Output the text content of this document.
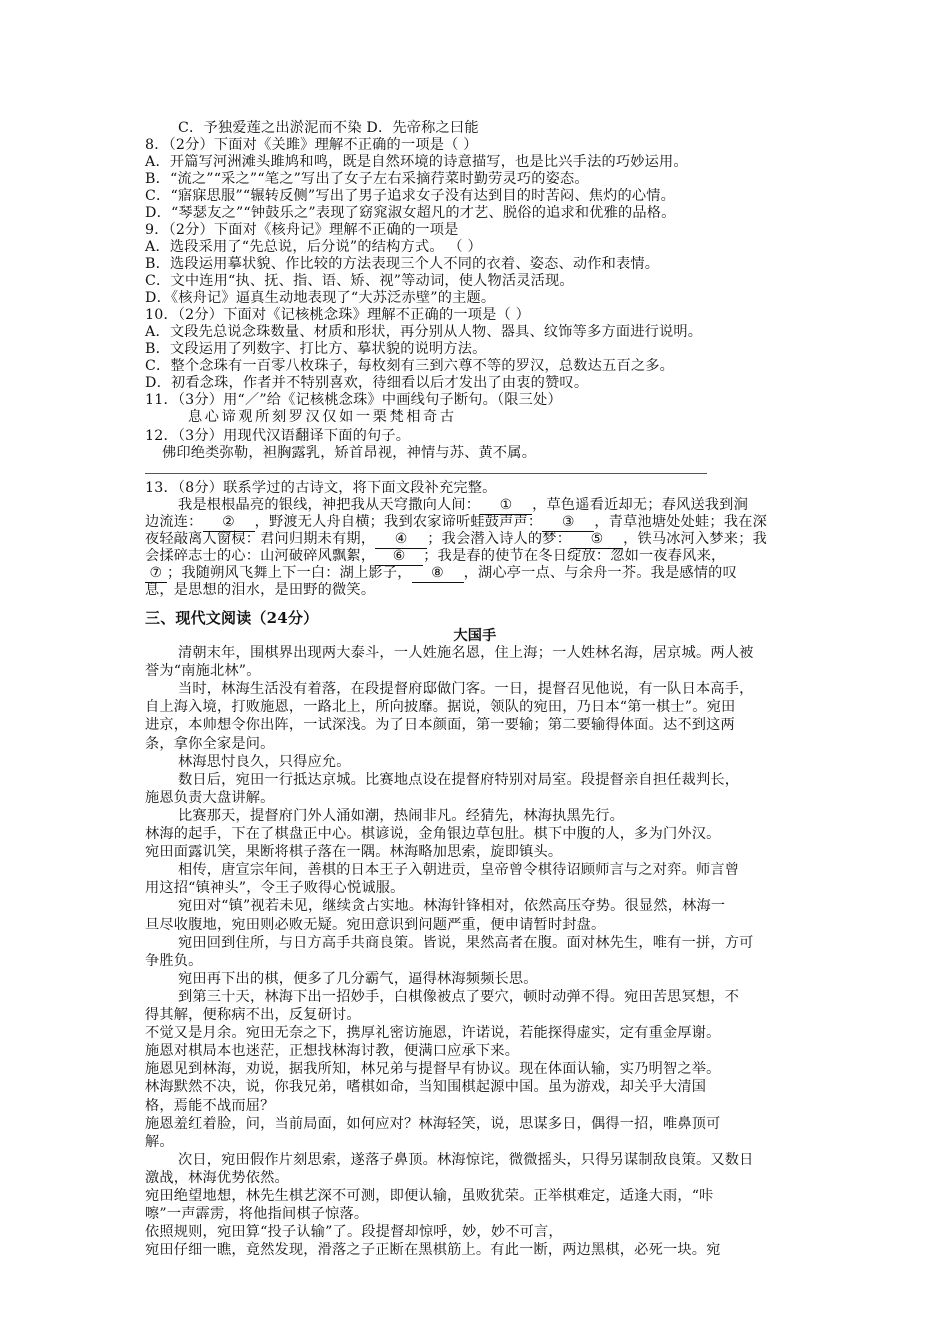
C．予独爱莲之出淤泥而不染 D．先帝称之曰能
8．（2分）下面对《关雎》理解不正确的一项是（ ）
A．开篇写河洲滩头雎鸠和鸣，既是自然环境的诗意描写，也是比兴手法的巧妙运用。
B．“流之”“采之”“笔之”写出了女子左右采摘荇菜时勤劳灵巧的姿态。
C．“寤寐思服”“辗转反侧”写出了男子追求女子没有达到目的时苦闷、焦灼的心情。
D．“琴瑟友之”“钟鼓乐之”表现了窈窕淑女超凡的才艺、脱俗的追求和优雅的品格。
9．（2分）下面对《核舟记》理解不正确的一项是
A．选段采用了“先总说，后分说”的结构方式。 （ ）
B．选段运用摹状貌、作比较的方法表现三个人不同的衣着、姿态、动作和表情。
C．文中连用“执、抚、指、语、矫、视”等动词，使人物活灵活现。
D．《核舟记》逼真生动地表现了“大苏泛赤壁”的主题。
10．（2分）下面对《记核桃念珠》理解不正确的一项是（ ）
A．文段先总说念珠数量、材质和形状，再分别从人物、器具、纹饰等多方面进行说明。
B．文段运用了列数字、打比方、摹状貌的说明方法。
C．整个念珠有一百零八枚珠子，每枚刻有三到六尊不等的罗汉，总数达五百之多。
D．初看念珠，作者并不特别喜欢，待细看以后才发出了由衷的赞叹。
11．（3分）用“／”给《记核桃念珠》中画线句子断句。（限三处）
息心谛观所刻罗汉仅如一栗梵相奇古
12．（3分）用现代汉语翻译下面的句子。
佛印绝类弥勒，袒胸露乳，矫首昂视，神情与苏、黄不属。
13．（8分）联系学过的古诗文，将下面文段补充完整。
我是根根晶亮的银线，神把我从天穹撒向人间： ① ，草色遥看近却无；春风送我到涧
边流连： ② ，野渡无人舟自横；我到农家谛听蛙鼓声声： ③ ，青草池塘处处蛙；我在深
夜轻敲离人窗棂：君问归期未有期， ④ ；我会潜入诗人的梦： ⑤ ，铁马冰河入梦来；我
会揉碎志士的心：山河破碎风飘絮， ⑥ ；我是春的使节在冬日绽放：忽如一夜春风来，
⑦ ；我随朔风飞舞上下一白：湖上影子， ⑧ ，湖心亭一点、与余舟一芥。我是感情的叹
息，是思想的泪水，是田野的微笑。
三、现代文阅读（24分）
大国手
清朝末年，围棋界出现两大泰斗，一人姓施名恩，住上海；一人姓林名海，居京城。两人被
誉为“南施北林”。
当时，林海生活没有着落，在段提督府邸做门客。一日，提督召见他说，有一队日本高手，
自上海入境，打败施恩，一路北上，所向披靡。据说，领队的宛田，乃日本“第一棋士”。宛田
进京，本帅想令你出阵，一试深浅。为了日本颜面，第一要输；第二要输得体面。达不到这两
条，拿你全家是问。
林海思忖良久，只得应允。
数日后，宛田一行抵达京城。比赛地点设在提督府特别对局室。段提督亲自担任裁判长，
施恩负责大盘讲解。
比赛那天，提督府门外人涌如潮，热闹非凡。经猜先，林海执黑先行。
林海的起手，下在了棋盘正中心。棋谚说，金角银边草包肚。棋下中腹的人，多为门外汉。
宛田面露讥笑，果断将棋子落在一隅。林海略加思索，旋即镇头。
相传，唐宣宗年间，善棋的日本王子入朝进贡，皇帝曾令棋待诏顾师言与之对弈。师言曾
用这招“镇神头”，令王子败得心悦诚服。
宛田对“镇”视若未见，继续贪占实地。林海针锋相对，依然高压夺势。很显然，林海一
旦尽收腹地，宛田则必败无疑。宛田意识到问题严重，便申请暂时封盘。
宛田回到住所，与日方高手共商良策。皆说，果然高者在腹。面对林先生，唯有一拼，方可
争胜负。
宛田再下出的棋，便多了几分霸气，逼得林海频频长思。
到第三十天，林海下出一招妙手，白棋像被点了要穴，顿时动弹不得。宛田苦思冥想，不
得其解，便称病不出，反复研讨。
不觉又是月余。宛田无奈之下，携厚礼密访施恩，许诺说，若能探得虚实，定有重金厚谢。
施恩对棋局本也迷茫，正想找林海讨教，便满口应承下来。
施恩见到林海，劝说，据我所知，林兄弟与提督早有协议。现在体面认输，实乃明智之举。
林海默然不决，说，你我兄弟，嗜棋如命，当知围棋起源中国。虽为游戏，却关乎大清国
格，焉能不战而屈？
施恩羞红着脸，问，当前局面，如何应对？林海轻笑，说，思谋多日，偶得一招，唯鼻顶可
解。
次日，宛田假作片刻思索，遂落子鼻顶。林海惊诧，微微摇头，只得另谋制敌良策。又数日
激战，林海优势依然。
宛田绝望地想，林先生棋艺深不可测，即便认输，虽败犹荣。正举棋难定，适逢大雨，“咔
嚓”一声霹雳，将他指间棋子惊落。
依照规则，宛田算“投子认输”了。段提督却惊呼，妙，妙不可言，
宛田仔细一瞧，竟然发现，滑落之子正断在黑棋筋上。有此一断，两边黑棋，必死一块。宛
